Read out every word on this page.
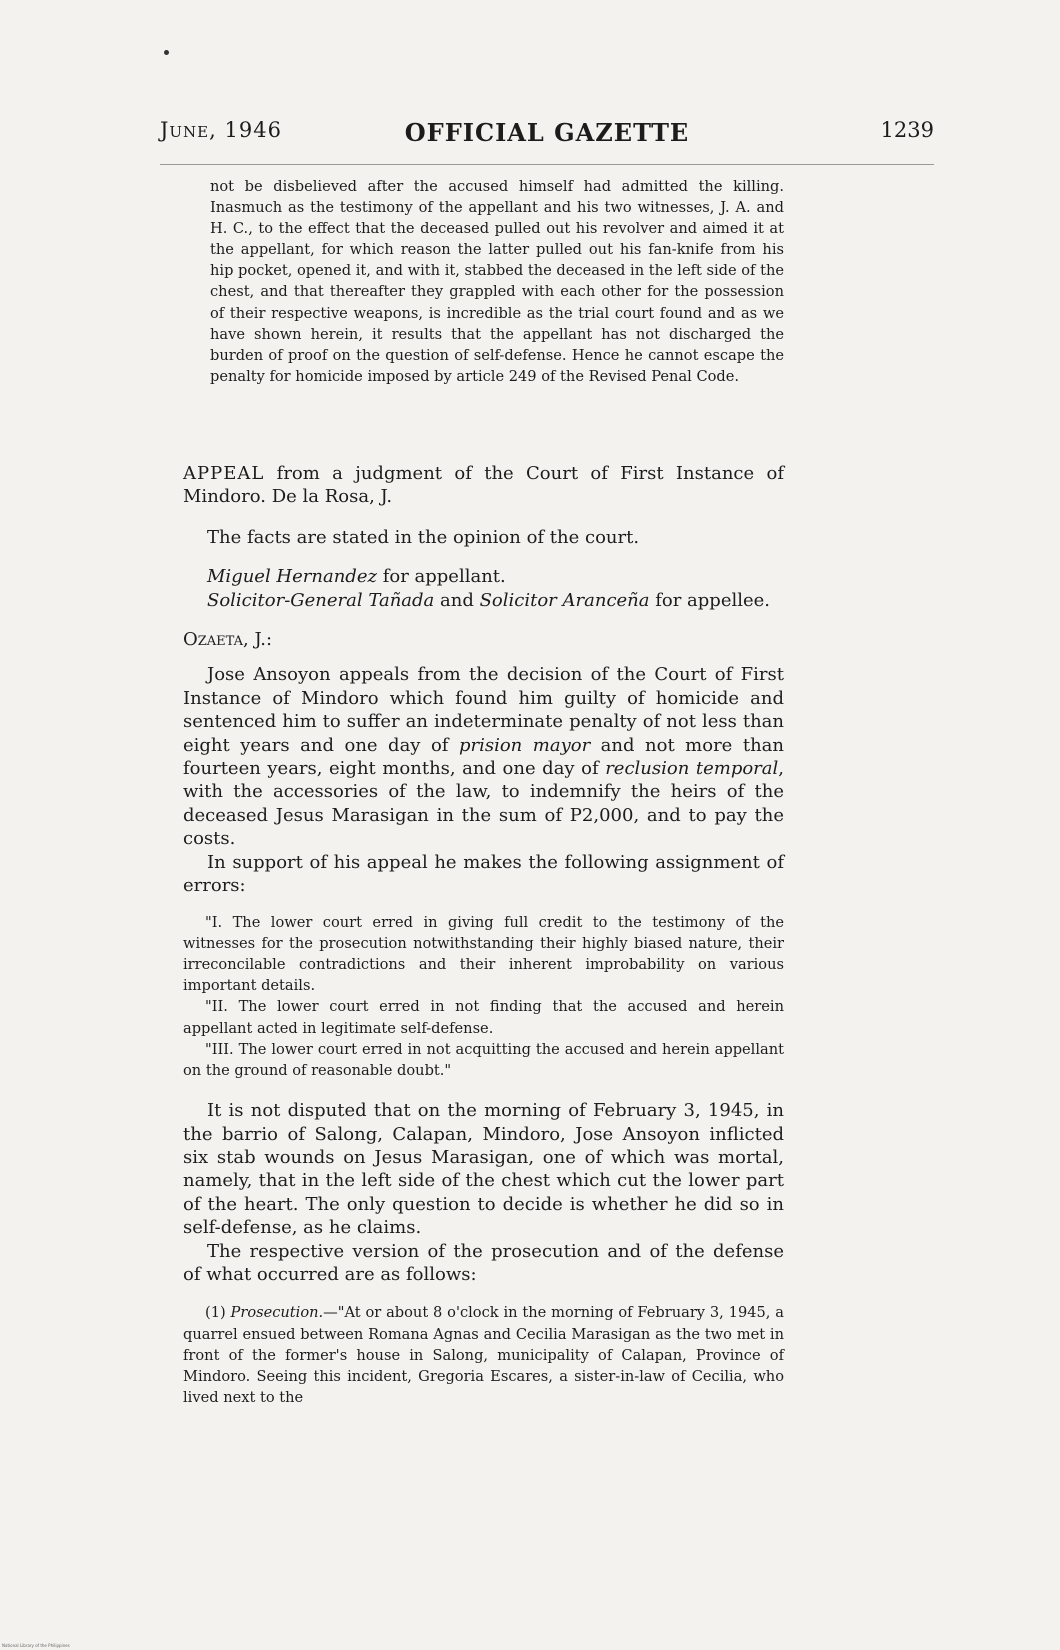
June, 1946	OFFICIAL GAZETTE	1239

not be disbelieved after the accused himself had admitted the killing. Inasmuch as the testimony of the appellant and his two witnesses, J. A. and H. C., to the effect that the deceased pulled out his revolver and aimed it at the appellant, for which reason the latter pulled out his fan-knife from his hip pocket, opened it, and with it, stabbed the deceased in the left side of the chest, and that thereafter they grappled with each other for the possession of their respective weapons, is incredible as the trial court found and as we have shown herein, it results that the appellant has not discharged the burden of proof on the question of self-defense. Hence he cannot escape the penalty for homicide imposed by article 249 of the Revised Penal Code.

APPEAL from a judgment of the Court of First Instance of Mindoro. De la Rosa, J.

The facts are stated in the opinion of the court.

Miguel Hernandez for appellant.

Solicitor-General Tañada and Solicitor Aranceña for appellee.

Ozaeta, J.:

Jose Ansoyon appeals from the decision of the Court of First Instance of Mindoro which found him guilty of homicide and sentenced him to suffer an indeterminate penalty of not less than eight years and one day of prision mayor and not more than fourteen years, eight months, and one day of reclusion temporal, with the accessories of the law, to indemnify the heirs of the deceased Jesus Marasigan in the sum of P2,000, and to pay the costs.

In support of his appeal he makes the following assignment of errors:

"I. The lower court erred in giving full credit to the testimony of the witnesses for the prosecution notwithstanding their highly biased nature, their irreconcilable contradictions and their inherent improbability on various important details.

"II. The lower court erred in not finding that the accused and herein appellant acted in legitimate self-defense.

"III. The lower court erred in not acquitting the accused and herein appellant on the ground of reasonable doubt."

It is not disputed that on the morning of February 3, 1945, in the barrio of Salong, Calapan, Mindoro, Jose Ansoyon inflicted six stab wounds on Jesus Marasigan, one of which was mortal, namely, that in the left side of the chest which cut the lower part of the heart. The only question to decide is whether he did so in self-defense, as he claims.

The respective version of the prosecution and of the defense of what occurred are as follows:

(1) Prosecution.—"At or about 8 o'clock in the morning of February 3, 1945, a quarrel ensued between Romana Agnas and Cecilia Marasigan as the two met in front of the former's house in Salong, municipality of Calapan, Province of Mindoro. Seeing this incident, Gregoria Escares, a sister-in-law of Cecilia, who lived next to the

National Library of the Philippines
